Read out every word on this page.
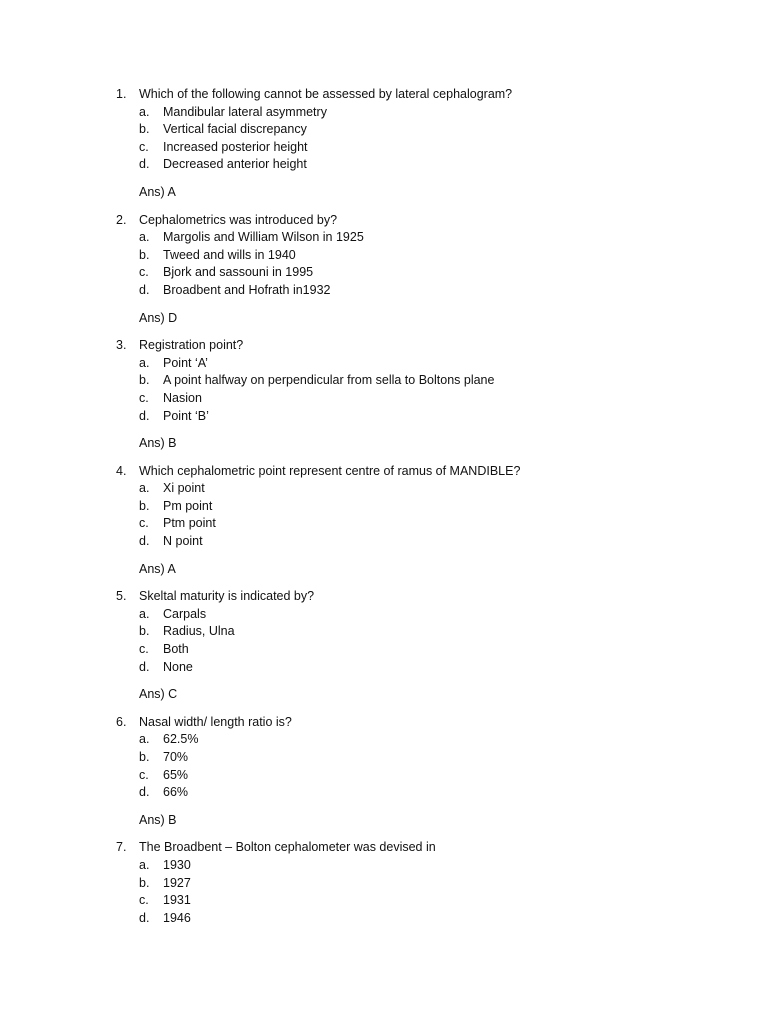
1. Which of the following cannot be assessed by lateral cephalogram?
a. Mandibular lateral asymmetry
b. Vertical facial discrepancy
c. Increased posterior height
d. Decreased anterior height
Ans) A
2. Cephalometrics was introduced by?
a. Margolis and William Wilson in 1925
b. Tweed and wills in 1940
c. Bjork and sassouni in 1995
d. Broadbent and Hofrath in1932
Ans) D
3. Registration point?
a. Point ‘A’
b. A point halfway on perpendicular from sella to Boltons plane
c. Nasion
d. Point ‘B’
Ans) B
4. Which cephalometric point represent centre of ramus of MANDIBLE?
a. Xi point
b. Pm point
c. Ptm point
d. N point
Ans) A
5. Skeltal maturity is indicated by?
a. Carpals
b. Radius, Ulna
c. Both
d. None
Ans) C
6. Nasal width/ length ratio is?
a. 62.5%
b. 70%
c. 65%
d. 66%
Ans) B
7. The Broadbent – Bolton cephalometer was devised in
a. 1930
b. 1927
c. 1931
d. 1946
